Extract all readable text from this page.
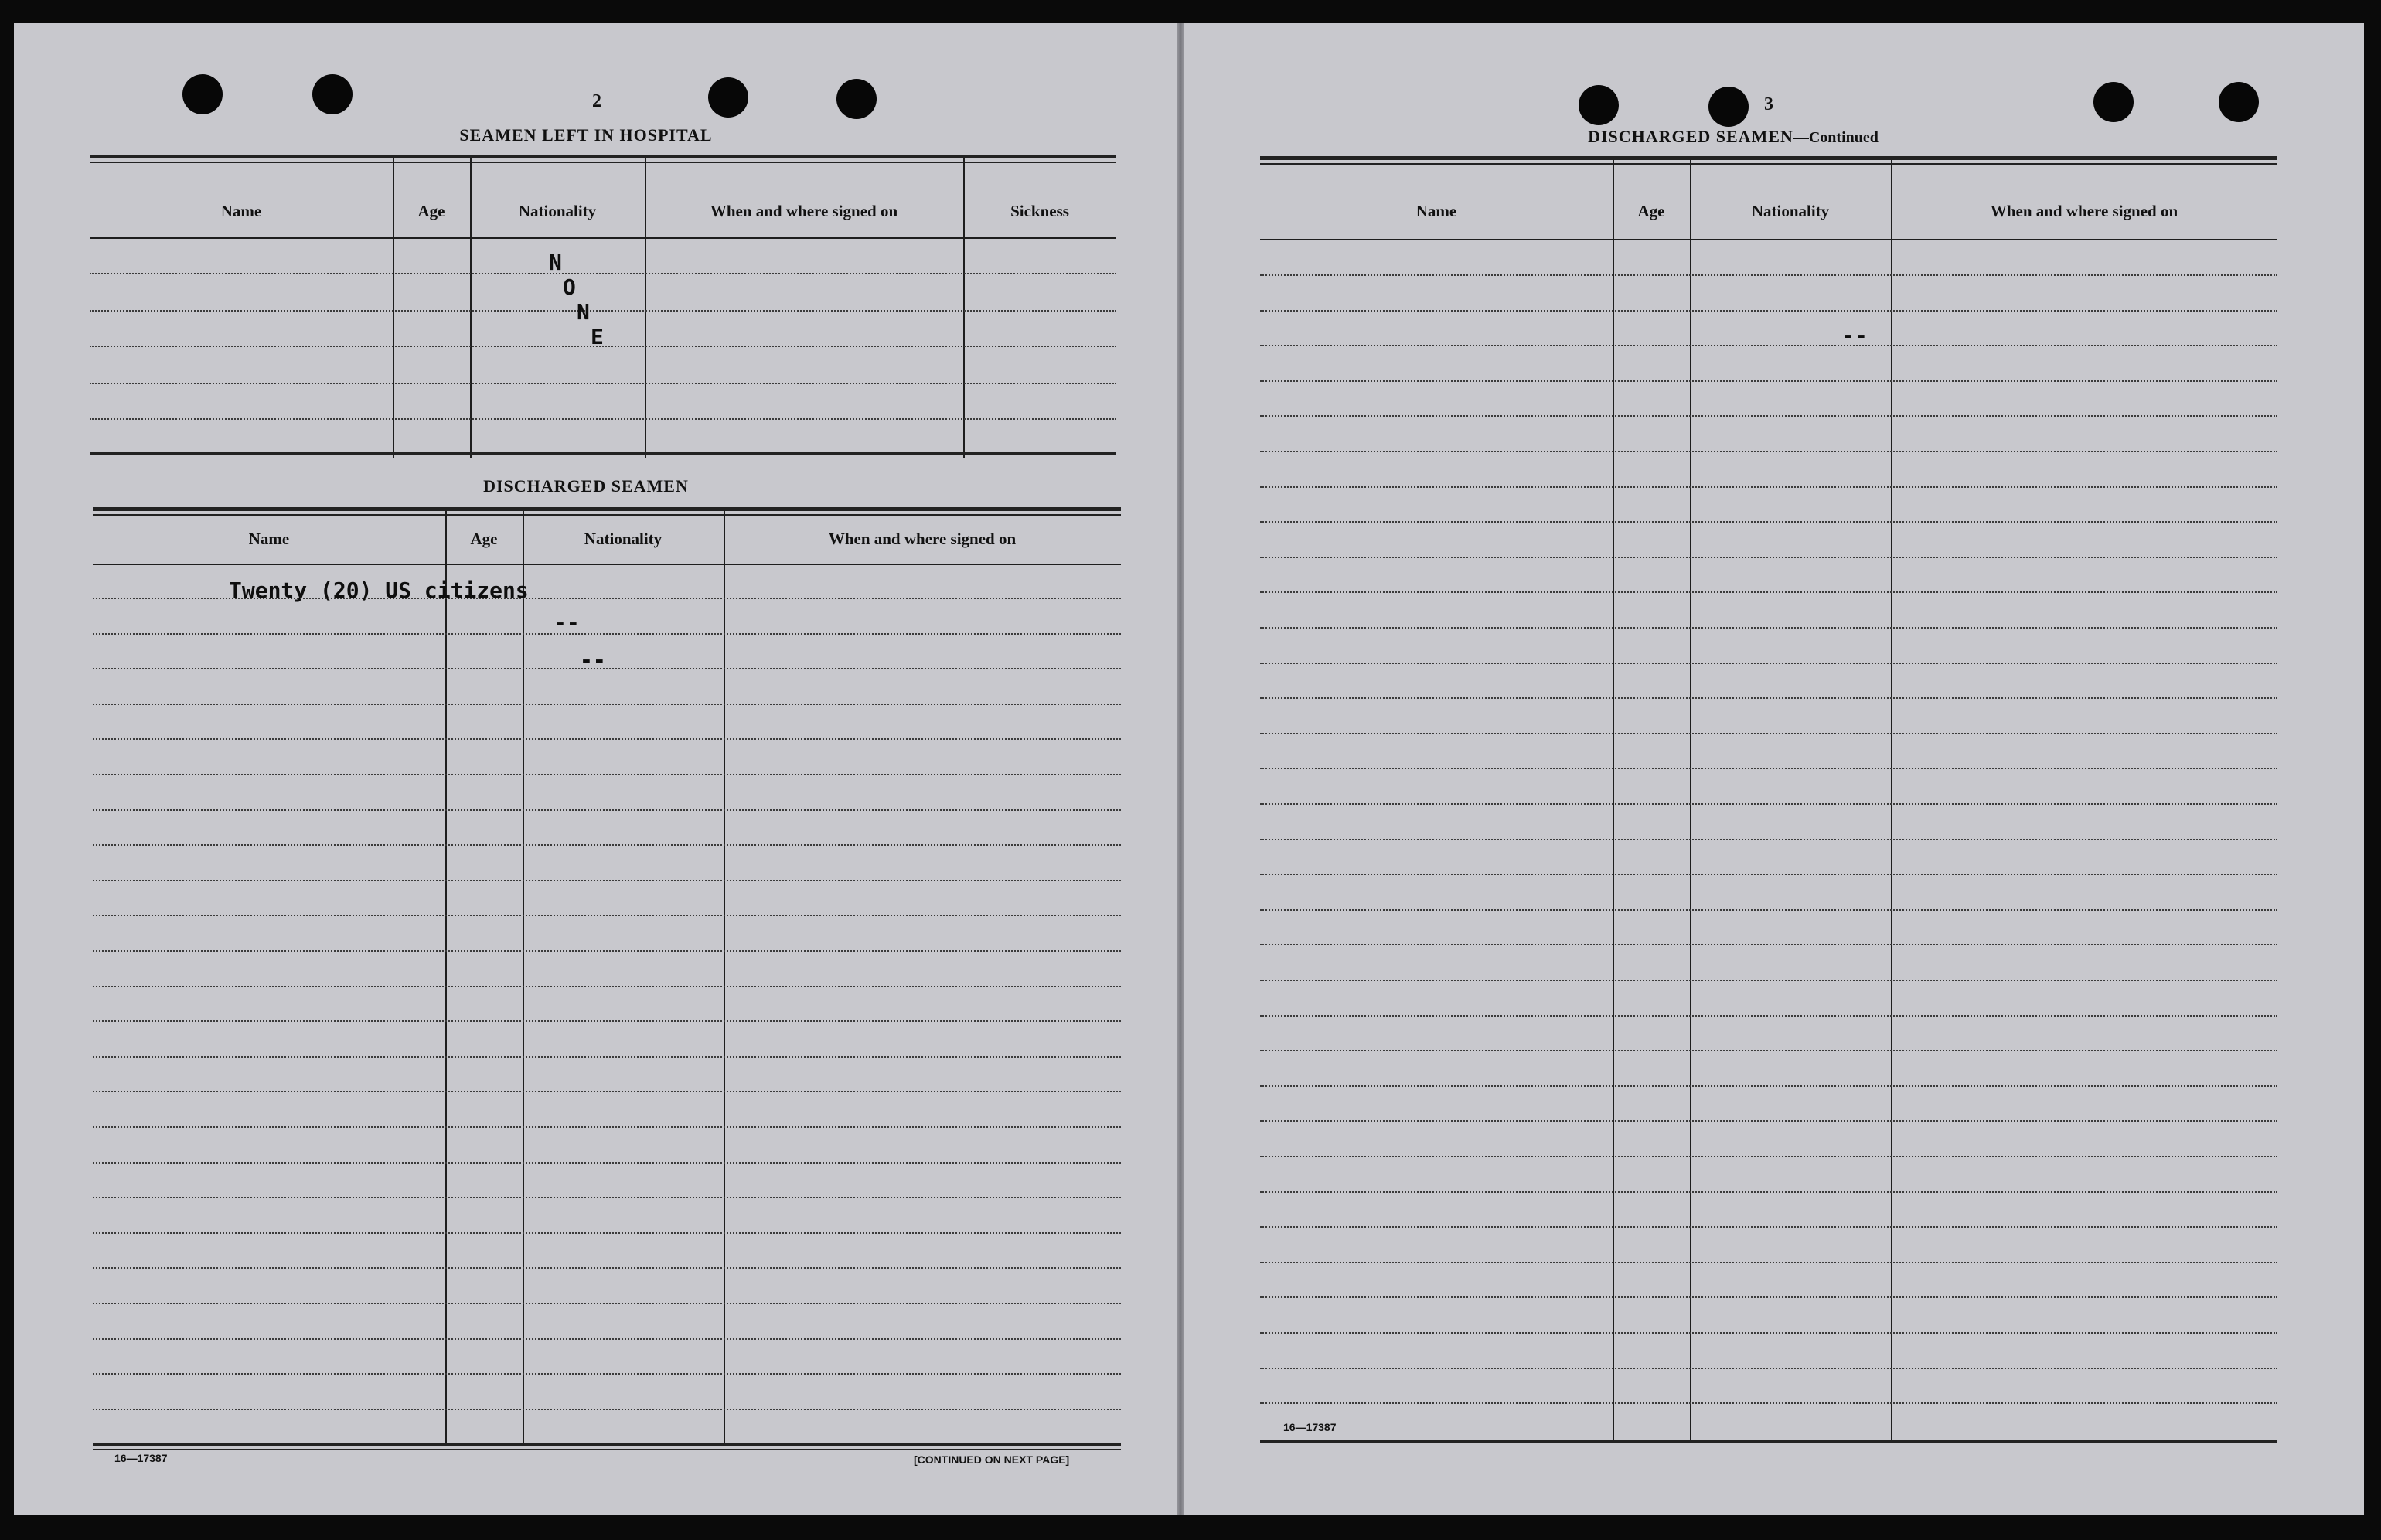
2
SEAMEN LEFT IN HOSPITAL
Name	Age	Nationality	When and where signed on	Sickness
N
O
N
E
DISCHARGED SEAMEN
Name	Age	Nationality	When and where signed on
Twenty (20) US citizens
--
--
16—17387	[CONTINUED ON NEXT PAGE]
3
DISCHARGED SEAMEN—Continued
Name	Age	Nationality	When and where signed on
--
16—17387
